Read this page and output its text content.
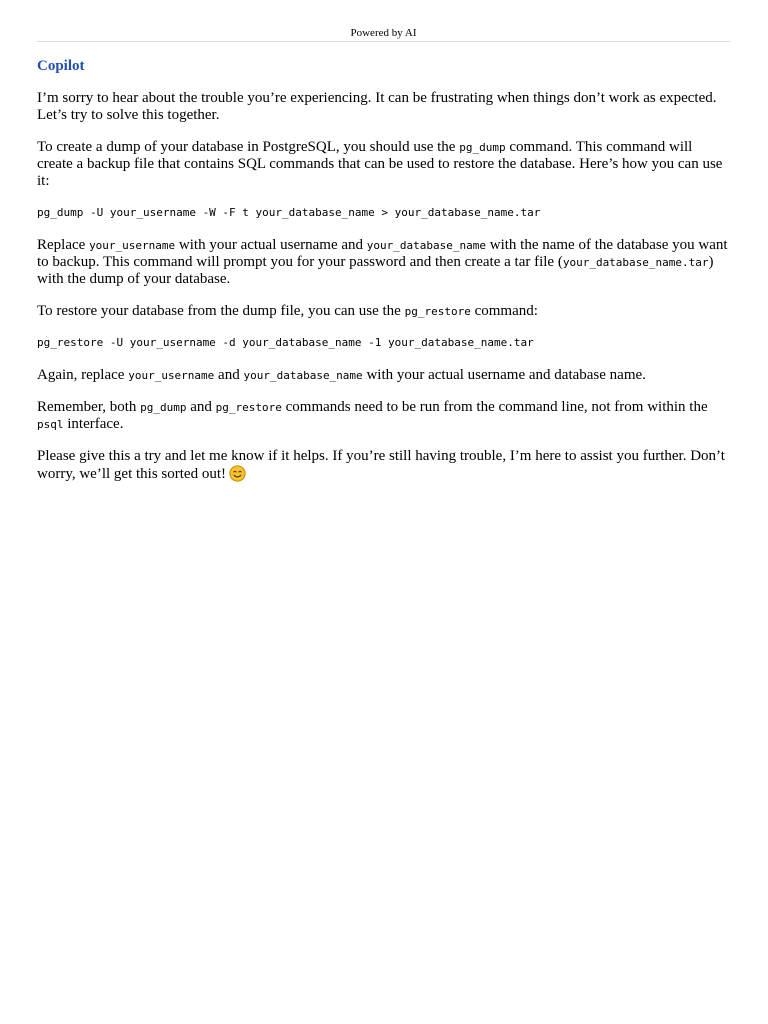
Powered by AI
Copilot

I’m sorry to hear about the trouble you’re experiencing. It can be frustrating when things don’t work as expected. Let’s try to solve this together.

To create a dump of your database in PostgreSQL, you should use the pg_dump command. This command will create a backup file that contains SQL commands that can be used to restore the database. Here’s how you can use it:

pg_dump -U your_username -W -F t your_database_name > your_database_name.tar

Replace your_username with your actual username and your_database_name with the name of the database you want to backup. This command will prompt you for your password and then create a tar file (your_database_name.tar) with the dump of your database.

To restore your database from the dump file, you can use the pg_restore command:

pg_restore -U your_username -d your_database_name -1 your_database_name.tar

Again, replace your_username and your_database_name with your actual username and database name.

Remember, both pg_dump and pg_restore commands need to be run from the command line, not from within the psql interface.

Please give this a try and let me know if it helps. If you’re still having trouble, I’m here to assist you further. Don’t worry, we’ll get this sorted out!
